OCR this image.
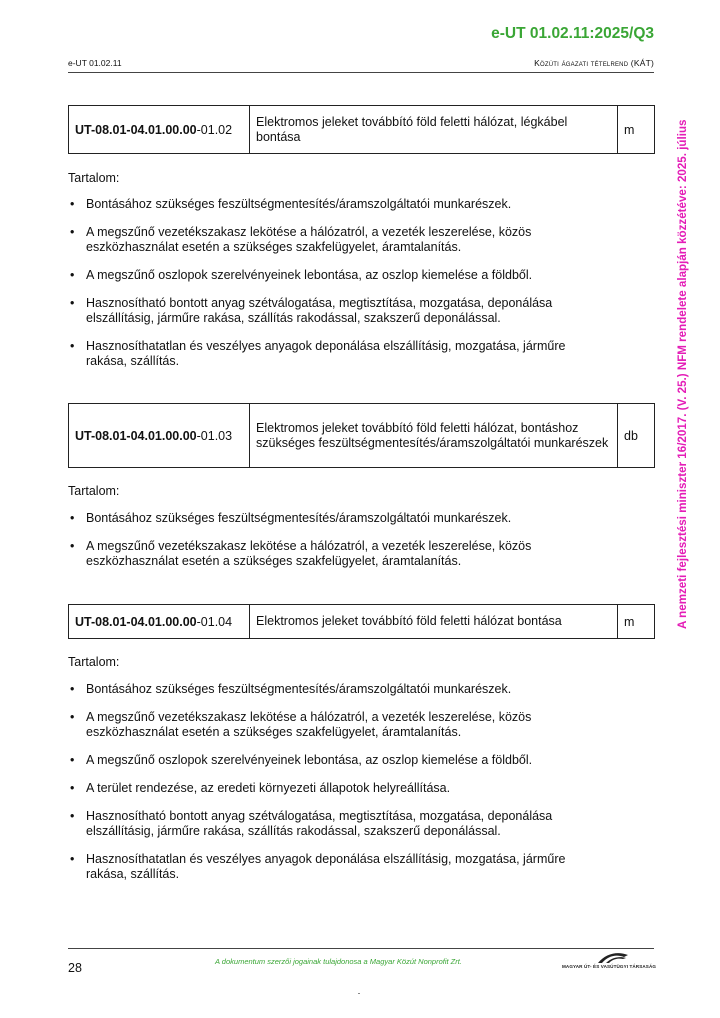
e-UT 01.02.11:2025/Q3
e-UT 01.02.11	Közúti ágazati tételrend (KÁT)
A nemzeti fejlesztési miniszter 16/2017. (V. 25.) NFM rendelete alapján közzétéve: 2025. július
UT-08.01-04.01.00.00-01.02	Elektromos jeleket továbbító föld feletti hálózat, légkábel bontása	m
Tartalom:
• Bontásához szükséges feszültségmentesítés/áramszolgáltatói munkarészek.
• A megszűnő vezetékszakasz lekötése a hálózatról, a vezeték leszerelése, közös eszközhasználat esetén a szükséges szakfelügyelet, áramtalanítás.
• A megszűnő oszlopok szerelvényeinek lebontása, az oszlop kiemelése a földből.
• Hasznosítható bontott anyag szétválogatása, megtisztítása, mozgatása, deponálása elszállításig, járműre rakása, szállítás rakodással, szakszerű deponálással.
• Hasznosíthatatlan és veszélyes anyagok deponálása elszállításig, mozgatása, járműre rakása, szállítás.
UT-08.01-04.01.00.00-01.03	Elektromos jeleket továbbító föld feletti hálózat, bontáshoz szükséges feszültségmentesítés/áramszolgáltatói munkarészek	db
Tartalom:
• Bontásához szükséges feszültségmentesítés/áramszolgáltatói munkarészek.
• A megszűnő vezetékszakasz lekötése a hálózatról, a vezeték leszerelése, közös eszközhasználat esetén a szükséges szakfelügyelet, áramtalanítás.
UT-08.01-04.01.00.00-01.04	Elektromos jeleket továbbító föld feletti hálózat bontása	m
Tartalom:
• Bontásához szükséges feszültségmentesítés/áramszolgáltatói munkarészek.
• A megszűnő vezetékszakasz lekötése a hálózatról, a vezeték leszerelése, közös eszközhasználat esetén a szükséges szakfelügyelet, áramtalanítás.
• A megszűnő oszlopok szerelvényeinek lebontása, az oszlop kiemelése a földből.
• A terület rendezése, az eredeti környezeti állapotok helyreállítása.
• Hasznosítható bontott anyag szétválogatása, megtisztítása, mozgatása, deponálása elszállításig, járműre rakása, szállítás rakodással, szakszerű deponálással.
• Hasznosíthatatlan és veszélyes anyagok deponálása elszállításig, mozgatása, járműre rakása, szállítás.
28	A dokumentum szerzői jogainak tulajdonosa a Magyar Közút Nonprofit Zrt.
MAGYAR ÚT- ÉS VASÚTÜGYI TÁRSASÁG
